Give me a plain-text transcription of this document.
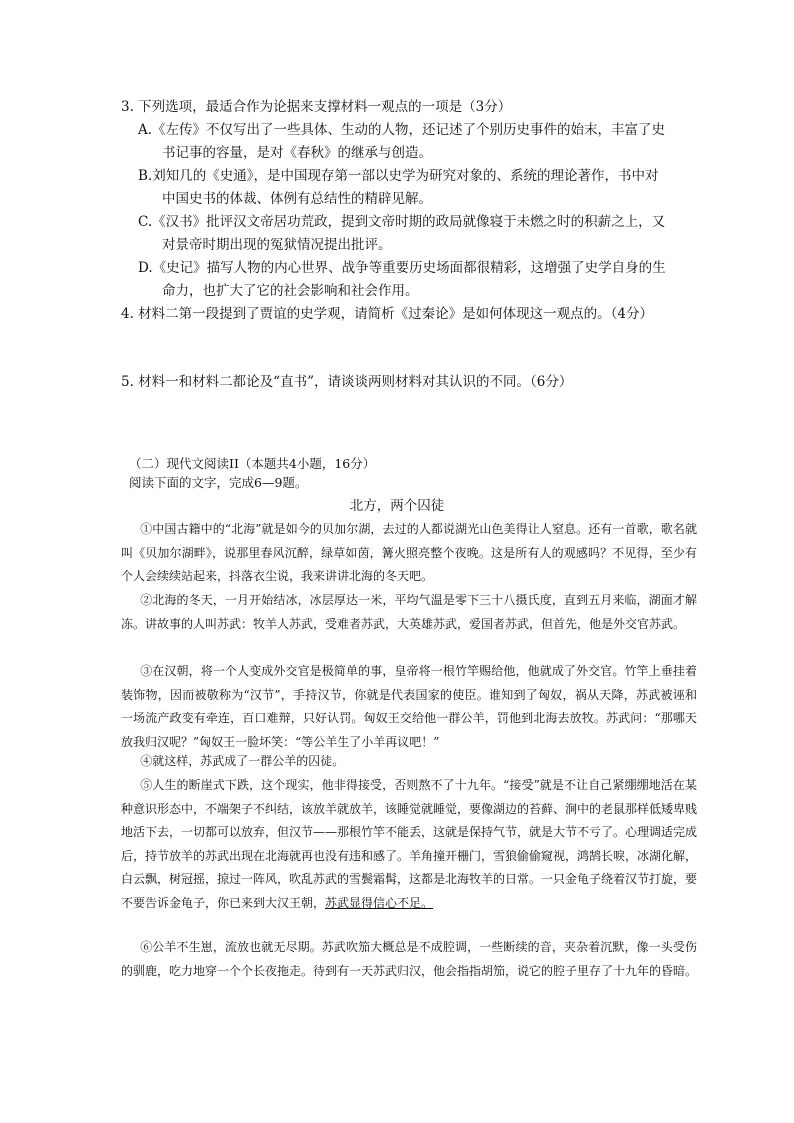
3. 下列选项，最适合作为论据来支撑材料一观点的一项是（3分）
A.《左传》不仅写出了一些具体、生动的人物，还记述了个别历史事件的始末，丰富了史
书记事的容量，是对《春秋》的继承与创造。
B.刘知几的《史通》，是中国现存第一部以史学为研究对象的、系统的理论著作，书中对
中国史书的体裁、体例有总结性的精辟见解。
C.《汉书》批评汉文帝居功荒政，提到文帝时期的政局就像寝于未燃之时的积薪之上，又
对景帝时期出现的冤狱情况提出批评。
D.《史记》描写人物的内心世界、战争等重要历史场面都很精彩，这增强了史学自身的生
命力，也扩大了它的社会影响和社会作用。
4. 材料二第一段提到了贾谊的史学观，请简析《过秦论》是如何体现这一观点的。（4分）
5. 材料一和材料二都论及“直书”，请谈谈两则材料对其认识的不同。（6分）
（二）现代文阅读II（本题共4小题，16分）
阅读下面的文字，完成6—9题。
北方，两个囚徒
①中国古籍中的“北海”就是如今的贝加尔湖，去过的人都说湖光山色美得让人窒息。还有一首歌，歌名就叫《贝加尔湖畔》，说那里春风沉醉，绿草如茵，篝火照亮整个夜晚。这是所有人的观感吗？不见得，至少有个人会续续站起来，抖落衣尘说，我来讲讲北海的冬天吧。
②北海的冬天，一月开始结冰，冰层厚达一米，平均气温是零下三十八摄氏度，直到五月来临，湖面才解冻。讲故事的人叫苏武：牧羊人苏武，受难者苏武，大英雄苏武，爱国者苏武，但首先，他是外交官苏武。
③在汉朝，将一个人变成外交官是极简单的事，皇帝将一根竹竿赐给他，他就成了外交官。竹竿上垂挂着装饰物，因而被敬称为“汉节”，手持汉节，你就是代表国家的使臣。谁知到了匈奴，祸从天降，苏武被诬和一场流产政变有牵连，百口难辩，只好认罚。匈奴王交给他一群公羊，罚他到北海去放牧。苏武问：“那哪天放我归汉呢？”匈奴王一脸坏笑：“等公羊生了小羊再议吧！”
④就这样，苏武成了一群公羊的囚徒。
⑤人生的断崖式下跌，这个现实，他非得接受，否则熬不了十九年。“接受”就是不让自己紧绷绷地活在某种意识形态中，不端架子不纠结，该放羊就放羊，该睡觉就睡觉，要像湖边的苔藓、涧中的老鼠那样低矮卑贱地活下去，一切都可以放弃，但汉节——那根竹竿不能丢，这就是保持气节，就是大节不亏了。心理调适完成后，持节放羊的苏武出现在北海就再也没有违和感了。羊角撞开栅门，雪狼偷偷窥视，鸿鹄长唳，冰湖化解，白云飘，树冠摇，掠过一阵风，吹乱苏武的雪鬓霜髯，这都是北海牧羊的日常。一只金龟子绕着汉节打旋，要不要告诉金龟子，你已来到大汉王朝，苏武显得信心不足。
⑥公羊不生崽，流放也就无尽期。苏武吹笳大概总是不成腔调，一些断续的音，夹杂着沉默，像一头受伤的驯鹿，吃力地穿一个个长夜拖走。待到有一天苏武归汉，他会指指胡笳，说它的腔子里存了十九年的昏暗。
